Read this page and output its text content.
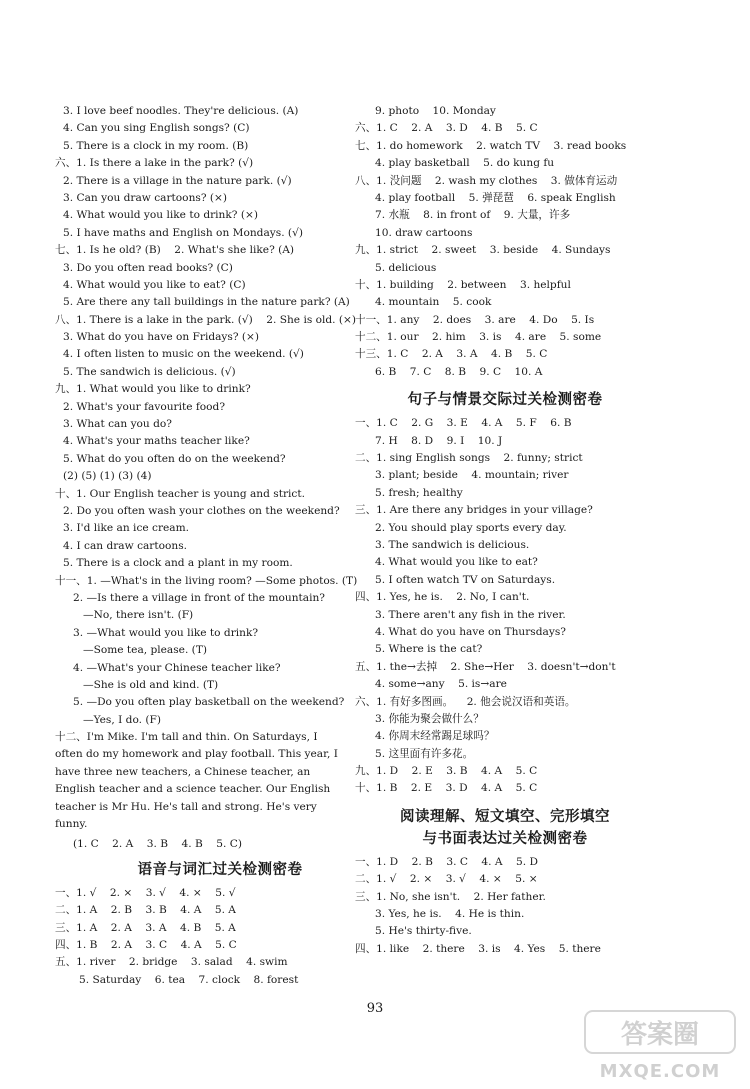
3. I love beef noodles. They're delicious. (A)
4. Can you sing English songs? (C)
5. There is a clock in my room. (B)
六、1. Is there a lake in the park? (√)
2. There is a village in the nature park. (√)
3. Can you draw cartoons? (×)
4. What would you like to drink? (×)
5. I have maths and English on Mondays. (√)
七、1. Is he old? (B)    2. What's she like? (A)
3. Do you often read books? (C)
4. What would you like to eat? (C)
5. Are there any tall buildings in the nature park? (A)
八、1. There is a lake in the park. (√)    2. She is old. (×)
3. What do you have on Fridays? (×)
4. I often listen to music on the weekend. (√)
5. The sandwich is delicious. (√)
九、1. What would you like to drink?
2. What's your favourite food?
3. What can you do?
4. What's your maths teacher like?
5. What do you often do on the weekend?
(2) (5) (1) (3) (4)
十、1. Our English teacher is young and strict.
2. Do you often wash your clothes on the weekend?
3. I'd like an ice cream.
4. I can draw cartoons.
5. There is a clock and a plant in my room.
十一、1. —What's in the living room? —Some photos. (T)
2. —Is there a village in front of the mountain?
—No, there isn't. (F)
3. —What would you like to drink?
—Some tea, please. (T)
4. —What's your Chinese teacher like?
—She is old and kind. (T)
5. —Do you often play basketball on the weekend?
—Yes, I do. (F)
十二、I'm Mike. I'm tall and thin. On Saturdays, I often do my homework and play football. This year, I have three new teachers, a Chinese teacher, an English teacher and a science teacher. Our English teacher is Mr Hu. He's tall and strong. He's very funny.
(1. C    2. A    3. B    4. B    5. C)
语音与词汇过关检测密卷
一、1. √    2. ×    3. √    4. ×    5. √
二、1. A    2. B    3. B    4. A    5. A
三、1. A    2. A    3. A    4. B    5. A
四、1. B    2. A    3. C    4. A    5. C
五、1. river    2. bridge    3. salad    4. swim
5. Saturday    6. tea    7. clock    8. forest
9. photo    10. Monday
六、1. C    2. A    3. D    4. B    5. C
七、1. do homework    2. watch TV    3. read books
4. play basketball    5. do kung fu
八、1. 没问题    2. wash my clothes    3. 做体育运动
4. play football    5. 弹琵琶    6. speak English
7. 水瓶    8. in front of    9. 大量，许多
10. draw cartoons
九、1. strict    2. sweet    3. beside    4. Sundays
5. delicious
十、1. building    2. between    3. helpful
4. mountain    5. cook
十一、1. any    2. does    3. are    4. Do    5. Is
十二、1. our    2. him    3. is    4. are    5. some
十三、1. C    2. A    3. A    4. B    5. C
6. B    7. C    8. B    9. C    10. A
句子与情景交际过关检测密卷
一、1. C    2. G    3. E    4. A    5. F    6. B
7. H    8. D    9. I    10. J
二、1. sing English songs    2. funny; strict
3. plant; beside    4. mountain; river
5. fresh; healthy
三、1. Are there any bridges in your village?
2. You should play sports every day.
3. The sandwich is delicious.
4. What would you like to eat?
5. I often watch TV on Saturdays.
四、1. Yes, he is.    2. No, I can't.
3. There aren't any fish in the river.
4. What do you have on Thursdays?
5. Where is the cat?
五、1. the→去掉    2. She→Her    3. doesn't→don't
4. some→any    5. is→are
六、1. 有好多图画。    2. 他会说汉语和英语。
3. 你能为聚会做什么？
4. 你周末经常踢足球吗？
5. 这里面有许多花。
九、1. D    2. E    3. B    4. A    5. C
十、1. B    2. E    3. D    4. A    5. C
阅读理解、短文填空、完形填空
与书面表达过关检测密卷
一、1. D    2. B    3. C    4. A    5. D
二、1. √    2. ×    3. √    4. ×    5. ×
三、1. No, she isn't.    2. Her father.
3. Yes, he is.    4. He is thin.
5. He's thirty-five.
四、1. like    2. there    3. is    4. Yes    5. there
93
答案圈
MXQE.COM
